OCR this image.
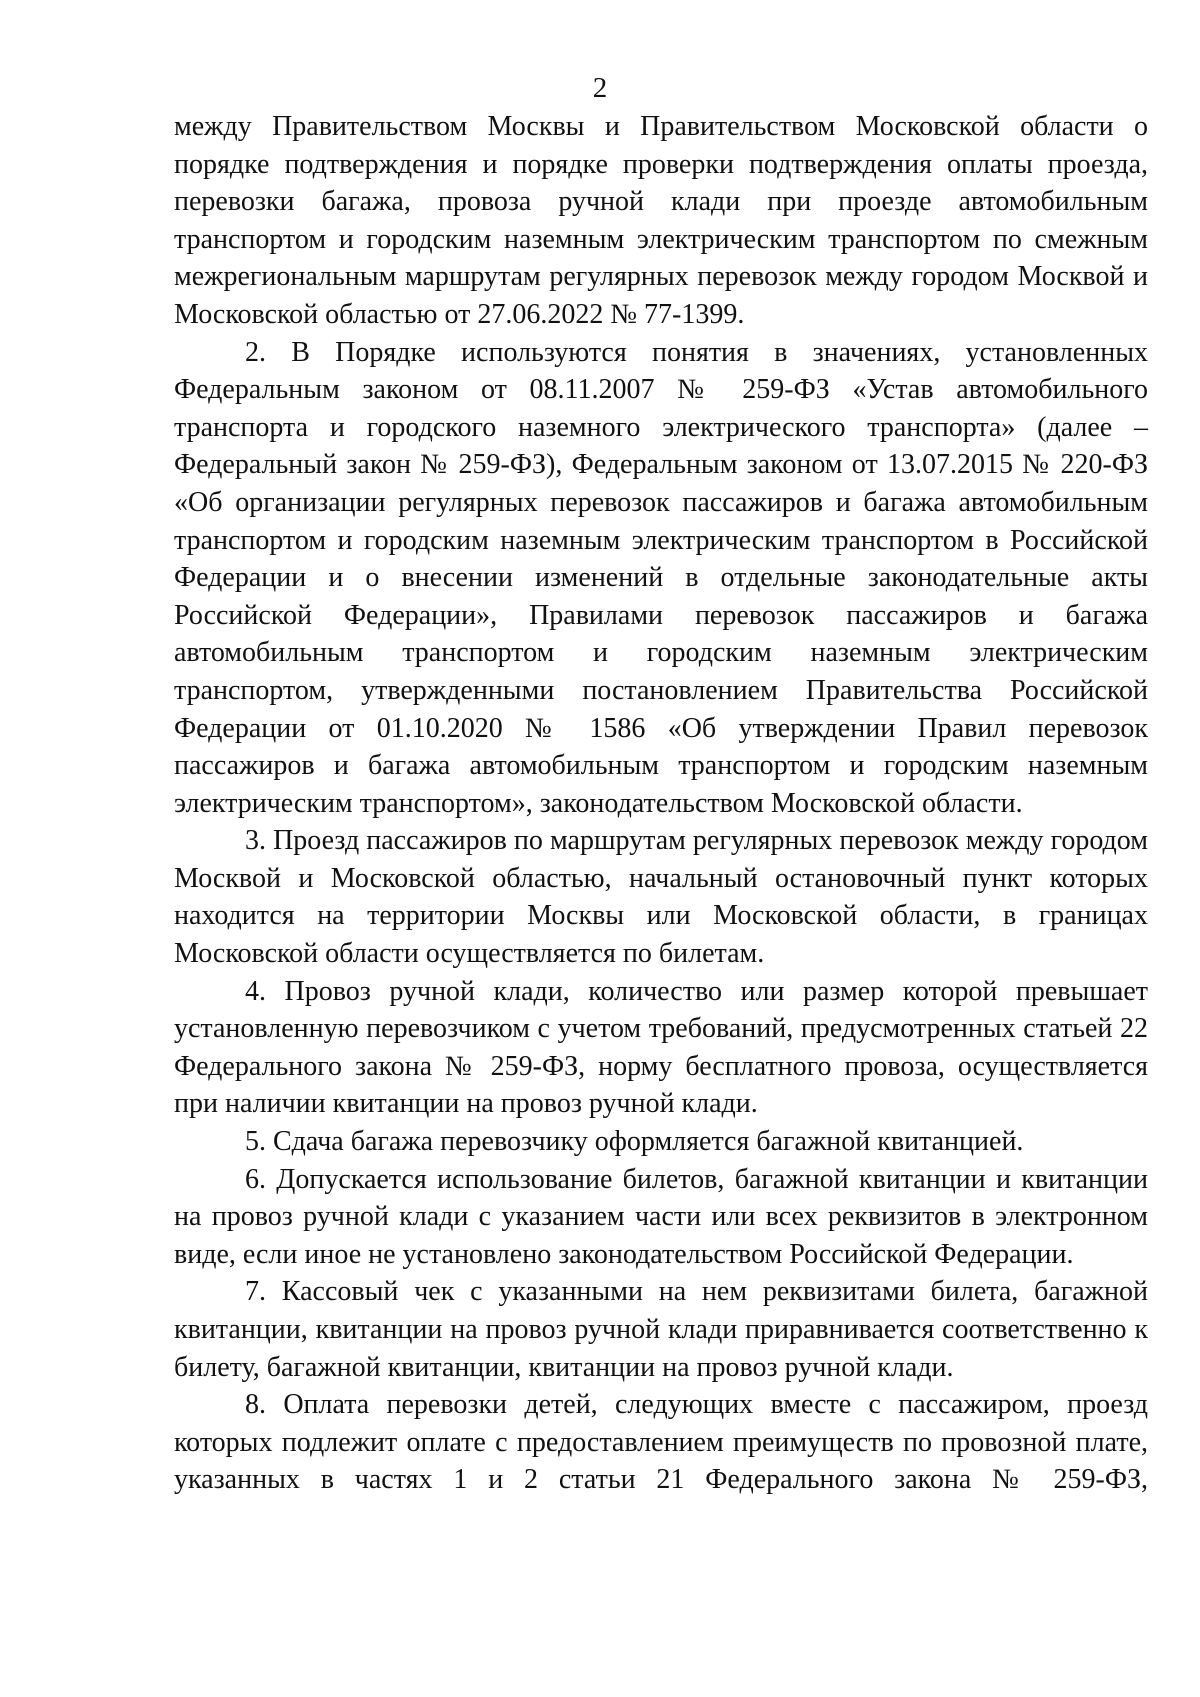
2

между Правительством Москвы и Правительством Московской области о порядке подтверждения и порядке проверки подтверждения оплаты проезда, перевозки багажа, провоза ручной клади при проезде автомобильным транспортом и городским наземным электрическим транспортом по смежным межрегиональным маршрутам регулярных перевозок между городом Москвой и Московской областью от 27.06.2022 № 77-1399.

2. В Порядке используются понятия в значениях, установленных Федеральным законом от 08.11.2007 № 259-ФЗ «Устав автомобильного транспорта и городского наземного электрического транспорта» (далее – Федеральный закон № 259-ФЗ), Федеральным законом от 13.07.2015 № 220-ФЗ «Об организации регулярных перевозок пассажиров и багажа автомобильным транспортом и городским наземным электрическим транспортом в Российской Федерации и о внесении изменений в отдельные законодательные акты Российской Федерации», Правилами перевозок пассажиров и багажа автомобильным транспортом и городским наземным электрическим транспортом, утвержденными постановлением Правительства Российской Федерации от 01.10.2020 № 1586 «Об утверждении Правил перевозок пассажиров и багажа автомобильным транспортом и городским наземным электрическим транспортом», законодательством Московской области.

3. Проезд пассажиров по маршрутам регулярных перевозок между городом Москвой и Московской областью, начальный остановочный пункт которых находится на территории Москвы или Московской области, в границах Московской области осуществляется по билетам.

4. Провоз ручной клади, количество или размер которой превышает установленную перевозчиком с учетом требований, предусмотренных статьей 22 Федерального закона № 259-ФЗ, норму бесплатного провоза, осуществляется при наличии квитанции на провоз ручной клади.

5. Сдача багажа перевозчику оформляется багажной квитанцией.

6. Допускается использование билетов, багажной квитанции и квитанции на провоз ручной клади с указанием части или всех реквизитов в электронном виде, если иное не установлено законодательством Российской Федерации.

7. Кассовый чек с указанными на нем реквизитами билета, багажной квитанции, квитанции на провоз ручной клади приравнивается соответственно к билету, багажной квитанции, квитанции на провоз ручной клади.

8. Оплата перевозки детей, следующих вместе с пассажиром, проезд которых подлежит оплате с предоставлением преимуществ по провозной плате, указанных в частях 1 и 2 статьи 21 Федерального закона № 259-ФЗ,
